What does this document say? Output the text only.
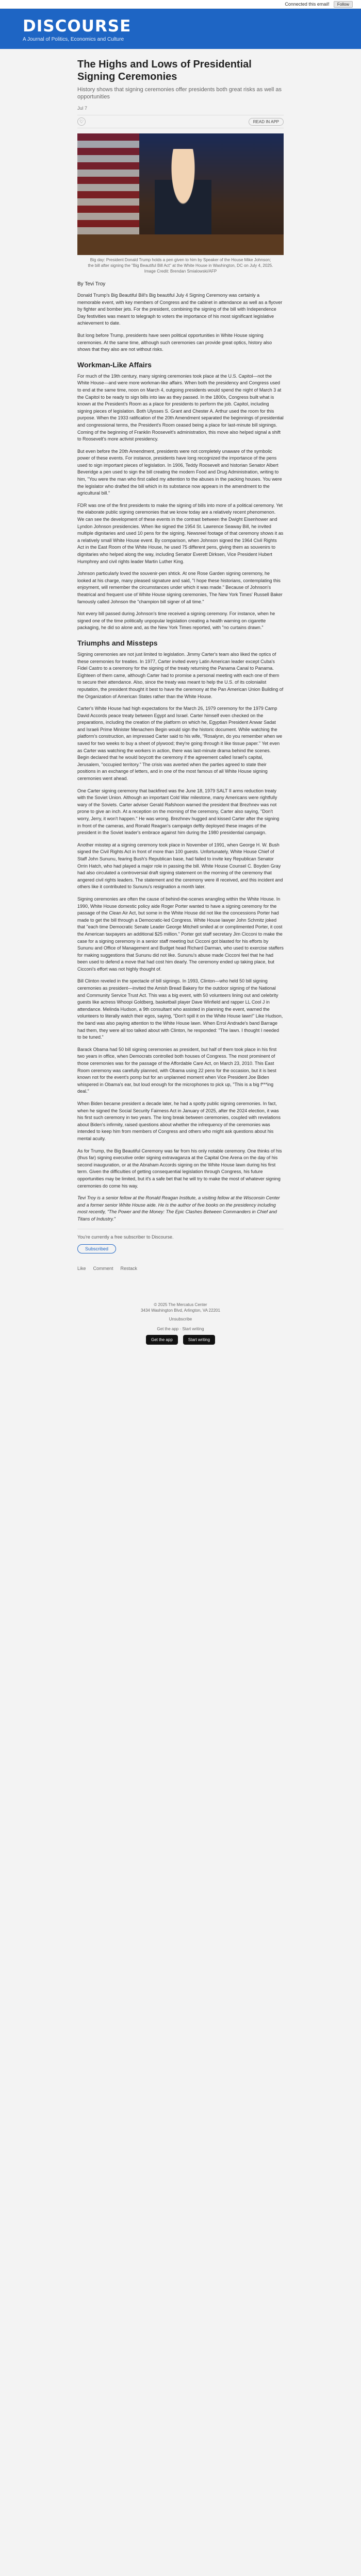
Connected this email!	Follow
DISCOURSE
A Journal of Politics, Economics and Culture
The Highs and Lows of Presidential Signing Ceremonies
History shows that signing ceremonies offer presidents both great risks as well as opportunities
Jul 7
♡	READ IN APP
Big day: President Donald Trump holds a pen given to him by Speaker of the House Mike Johnson; the bill after signing the "Big Beautiful Bill Act" at the White House in Washington, DC on July 4, 2025. Image Credit: Brendan Smialowski/AFP
By Tevi Troy

Donald Trump's Big Beautiful Bill's Big beautiful July 4 Signing Ceremony was certainly a memorable event, with key members of Congress and the cabinet in attendance as well as a flyover by fighter and bomber jets. For the president, combining the signing of the bill with Independence Day festivities was meant to telegraph to voters the importance of his most significant legislative achievement to date.

But long before Trump, presidents have seen political opportunities in White House signing ceremonies. At the same time, although such ceremonies can provide great optics, history also shows that they also are not without risks.

Workman-Like Affairs

For much of the 19th century, many signing ceremonies took place at the U.S. Capitol—not the White House—and were more workman-like affairs. When both the presidency and Congress used to end at the same time, noon on March 4, outgoing presidents would spend the night of March 3 at the Capitol to be ready to sign bills into law as they passed. In the 1800s, Congress built what is known at the President's Room as a place for presidents to perform the job. Capitol, including signing pieces of legislation. Both Ulysses S. Grant and Chester A. Arthur used the room for this purpose. When the 1933 ratification of the 20th Amendment separated the beginnings of presidential and congressional terms, the President's Room ceased being a place for last-minute bill signings. Coming of the beginning of Franklin Roosevelt's administration, this move also helped signal a shift to Roosevelt's more activist presidency.

But even before the 20th Amendment, presidents were not completely unaware of the symbolic power of these events. For instance, presidents have long recognized the importance of the pens used to sign important pieces of legislation. In 1906, Teddy Roosevelt and historian Senator Albert Beveridge a pen used to sign the bill creating the modern Food and Drug Administration, writing to him, "You were the man who first called my attention to the abuses in the packing houses. You were the legislator who drafted the bill which in its substance now appears in the amendment to the agricultural bill."

FDR was one of the first presidents to make the signing of bills into more of a political ceremony. Yet the elaborate public signing ceremonies that we know today are a relatively recent phenomenon. We can see the development of these events in the contrast between the Dwight Eisenhower and Lyndon Johnson presidencies. When Ike signed the 1954 St. Lawrence Seaway Bill, he invited multiple dignitaries and used 10 pens for the signing. Newsreel footage of that ceremony shows it as a relatively small White House event. By comparison, when Johnson signed the 1964 Civil Rights Act in the East Room of the White House, he used 75 different pens, giving them as souvenirs to dignitaries who helped along the way, including Senator Everett Dirksen, Vice President Hubert Humphrey and civil rights leader Martin Luther King.

Johnson particularly loved the souvenir-pen shtick. At one Rose Garden signing ceremony, he looked at his charge, many pleased signature and said, "I hope these historians, contemplating this enjoyment, will remember the circumstances under which it was made." Because of Johnson's theatrical and frequent use of White House signing ceremonies, The New York Times' Russell Baker famously called Johnson the "champion bill signer of all time."

Not every bill passed during Johnson's time received a signing ceremony. For instance, when he signed one of the time politically unpopular legislation creating a health warning on cigarette packaging, he did so alone and, as the New York Times reported, with "no curtains drawn."

Triumphs and Missteps

Signing ceremonies are not just limited to legislation. Jimmy Carter's team also liked the optics of these ceremonies for treaties. In 1977, Carter invited every Latin American leader except Cuba's Fidel Castro to a ceremony for the signing of the treaty returning the Panama Canal to Panama. Eighteen of them came, although Carter had to promise a personal meeting with each one of them to secure their attendance. Also, since the treaty was meant to help the U.S. of its colonialist reputation, the president thought it best to have the ceremony at the Pan American Union Building of the Organization of American States rather than the White House.

Carter's White House had high expectations for the March 26, 1979 ceremony for the 1979 Camp David Accords peace treaty between Egypt and Israel. Carter himself even checked on the preparations, including the creation of the platform on which he, Egyptian President Anwar Sadat and Israeli Prime Minister Menachem Begin would sign the historic document. While watching the platform's construction, an impressed Carter said to his wife, "Rosalynn, do you remember when we saved for two weeks to buy a sheet of plywood; they're going through it like tissue paper." Yet even as Carter was watching the workers in action, there was last-minute drama behind the scenes. Begin declared that he would boycott the ceremony if the agreement called Israel's capital, Jerusalem, "occupied territory." The crisis was averted when the parties agreed to state their positions in an exchange of letters, and in one of the most famous of all White House signing ceremonies went ahead.

One Carter signing ceremony that backfired was the June 18, 1979 SALT II arms reduction treaty with the Soviet Union. Although an important Cold War milestone, many Americans were rightfully wary of the Soviets. Carter adviser Gerald Rafshoon warned the president that Brezhnev was not prone to give an inch. At a reception on the morning of the ceremony, Carter also saying, "Don't worry, Jerry, it won't happen." He was wrong. Brezhnev hugged and kissed Carter after the signing in front of the cameras, and Ronald Reagan's campaign deftly deployed these images of the president in the Soviet leader's embrace against him during the 1980 presidential campaign.

Another misstep at a signing ceremony took place in November of 1991, when George H. W. Bush signed the Civil Rights Act in front of more than 100 guests. Unfortunately, White House Chief of Staff John Sununu, fearing Bush's Republican base, had failed to invite key Republican Senator Orrin Hatch, who had played a major role in passing the bill. White House Counsel C. Boyden Gray had also circulated a controversial draft signing statement on the morning of the ceremony that angered civil rights leaders. The statement and the ceremony were ill received, and this incident and others like it contributed to Sununu's resignation a month later.

Signing ceremonies are often the cause of behind-the-scenes wrangling within the White House. In 1990, White House domestic policy aide Roger Porter wanted to have a signing ceremony for the passage of the Clean Air Act, but some in the White House did not like the concessions Porter had made to get the bill through a Democratic-led Congress. White House lawyer John Schmitz joked that "each time Democratic Senate Leader George Mitchell smiled at or complimented Porter, it cost the American taxpayers an additional $25 million." Porter got staff secretary Jim Cicconi to make the case for a signing ceremony in a senior staff meeting but Cicconi got blasted for his efforts by Sununu and Office of Management and Budget head Richard Darman, who used to exercise staffers for making suggestions that Sununu did not like. Sununu's abuse made Cicconi feel that he had been used to defend a move that had cost him dearly. The ceremony ended up taking place, but Cicconi's effort was not highly thought of.

Bill Clinton reveled in the spectacle of bill signings. In 1993, Clinton—who held 50 bill signing ceremonies as president—invited the Amish Bread Bakery for the outdoor signing of the National and Community Service Trust Act. This was a big event, with 50 volunteers lining out and celebrity guests like actress Whoopi Goldberg, basketball player Dave Winfield and rapper LL Cool J in attendance. Melinda Hudson, a 9th consultant who assisted in planning the event, warned the volunteers to literally watch their egos, saying, "Don't spill it on the White House lawn!" Like Hudson, the band was also paying attention to the White House lawn. When Errol Andrade's band Barrage had them, they were all too talked about with Clinton, he responded: "The lawn. I thought I needed to be tuned."

Barack Obama had 50 bill signing ceremonies as president, but half of them took place in his first two years in office, when Democrats controlled both houses of Congress. The most prominent of those ceremonies was for the passage of the Affordable Care Act, on March 23, 2010. This East Room ceremony was carefully planned, with Obama using 22 pens for the occasion, but it is best known not for the event's pomp but for an unplanned moment when Vice President Joe Biden whispered in Obama's ear, but loud enough for the microphones to pick up, "This is a big f***ing deal."

When Biden became president a decade later, he had a spotty public signing ceremonies. In fact, when he signed the Social Security Fairness Act in January of 2025, after the 2024 election, it was his first such ceremony in two years. The long break between ceremonies, coupled with revelations about Biden's infirmity, raised questions about whether the infrequency of the ceremonies was intended to keep him from members of Congress and others who might ask questions about his mental acuity.

As for Trump, the Big Beautiful Ceremony was far from his only notable ceremony. One thinks of his (thus far) signing executive order signing extravaganza at the Capital One Arena on the day of his second inauguration, or at the Abraham Accords signing on the White House lawn during his first term. Given the difficulties of getting consequential legislation through Congress, his future opportunities may be limited, but it's a safe bet that he will try to make the most of whatever signing ceremonies do come his way.

Tevi Troy is a senior fellow at the Ronald Reagan Institute, a visiting fellow at the Wisconsin Center and a former senior White House aide. He is the author of five books on the presidency including most recently, "The Power and the Money: The Epic Clashes Between Commanders in Chief and Titans of Industry."

You're currently a free subscriber to Discourse.
Subscribed
Like Comment Restack
© 2025 The Mercatus Center
3434 Washington Blvd, Arlington, VA 22201
Unsubscribe
Get the app · Start writing
Get the app	Start writing
